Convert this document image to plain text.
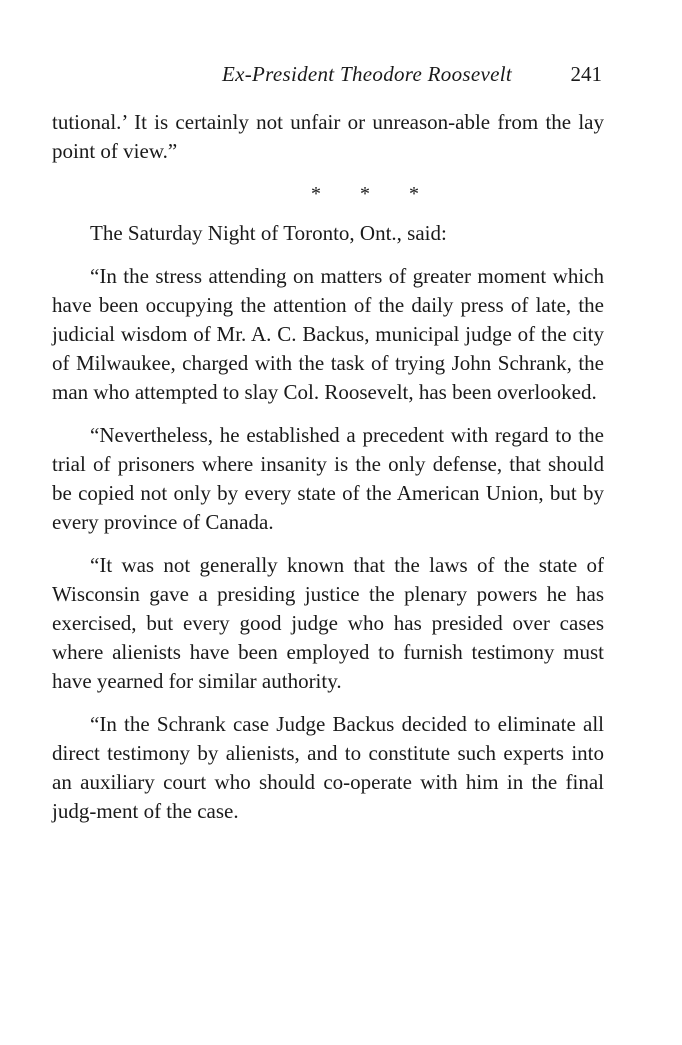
Ex-President Theodore Roosevelt	241

tutional.’ It is certainly not unfair or unreason-able from the lay point of view.”

* * *

The Saturday Night of Toronto, Ont., said:

“In the stress attending on matters of greater moment which have been occupying the attention of the daily press of late, the judicial wisdom of Mr. A. C. Backus, municipal judge of the city of Milwaukee, charged with the task of trying John Schrank, the man who attempted to slay Col. Roosevelt, has been overlooked.

“Nevertheless, he established a precedent with regard to the trial of prisoners where insanity is the only defense, that should be copied not only by every state of the American Union, but by every province of Canada.

“It was not generally known that the laws of the state of Wisconsin gave a presiding justice the plenary powers he has exercised, but every good judge who has presided over cases where alienists have been employed to furnish testimony must have yearned for similar authority.

“In the Schrank case Judge Backus decided to eliminate all direct testimony by alienists, and to constitute such experts into an auxiliary court who should co-operate with him in the final judg-ment of the case.
